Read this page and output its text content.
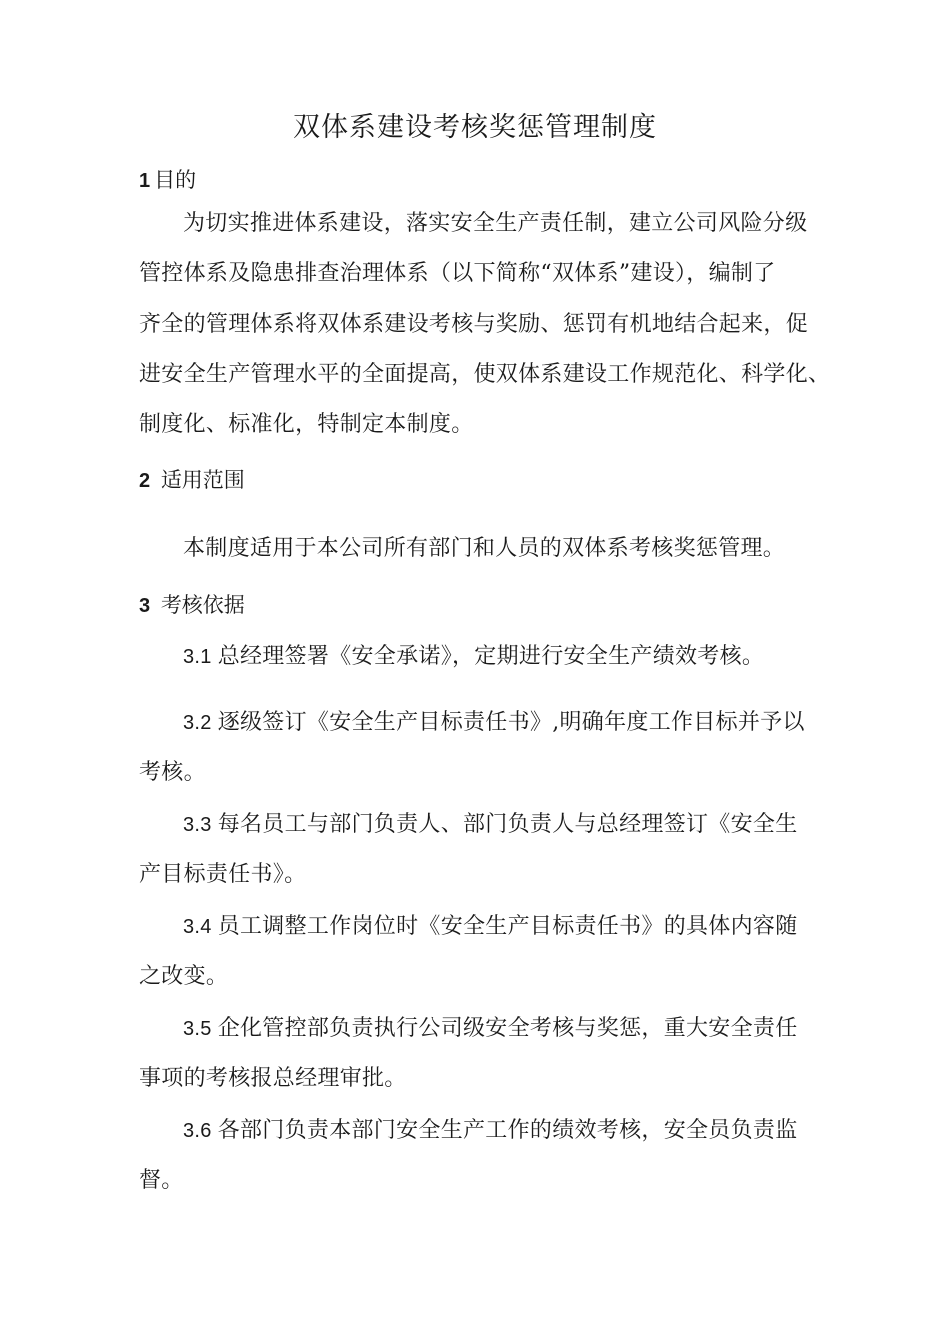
双体系建设考核奖惩管理制度
1 目的
为切实推进体系建设，落实安全生产责任制，建立公司风险分级
管控体系及隐患排查治理体系（以下简称“双体系”建设），编制了
齐全的管理体系将双体系建设考核与奖励、惩罚有机地结合起来，促
进安全生产管理水平的全面提高，使双体系建设工作规范化、科学化、
制度化、标准化，特制定本制度。
2 适用范围
本制度适用于本公司所有部门和人员的双体系考核奖惩管理。
3 考核依据
3.1 总经理签署《安全承诺》，定期进行安全生产绩效考核。
3.2 逐级签订《安全生产目标责任书》,明确年度工作目标并予以
考核。
3.3 每名员工与部门负责人、部门负责人与总经理签订《安全生
产目标责任书》。
3.4 员工调整工作岗位时《安全生产目标责任书》的具体内容随
之改变。
3.5 企化管控部负责执行公司级安全考核与奖惩，重大安全责任
事项的考核报总经理审批。
3.6 各部门负责本部门安全生产工作的绩效考核，安全员负责监
督。
